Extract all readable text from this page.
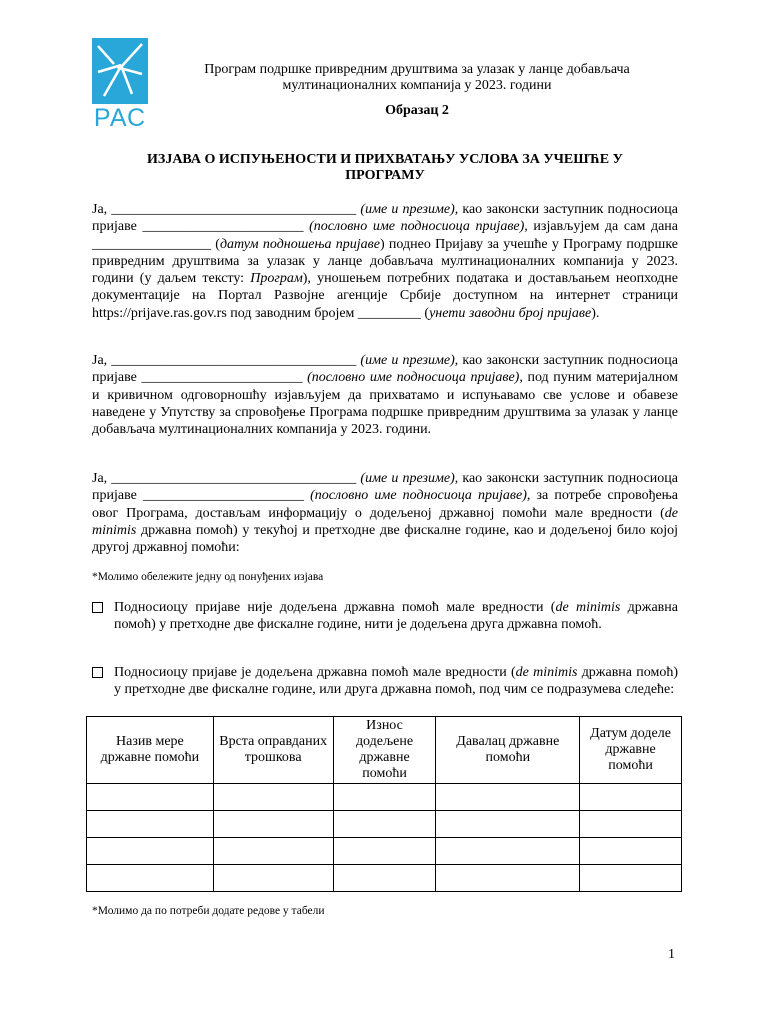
РАС
Програм подршке привредним друштвима за улазак у ланце добављача
мултинационалних компанија у 2023. години
Образац 2
ИЗЈАВА О ИСПУЊЕНОСТИ И ПРИХВАТАЊУ УСЛОВА ЗА УЧЕШЋЕ У
ПРОГРАМУ
Ја, ___________________________________ (име и презиме), као законски заступник подносиоца пријаве _______________________ (пословно име подносиоца пријаве), изјављујем да сам дана _________________ (датум подношења пријаве) поднео Пријаву за учешће у Програму подршке привредним друштвима за улазак у ланце добављача мултинационалних компанија у 2023. години (у даљем тексту: Програм), уношењем потребних података и достављањем неопходне документације на Портал Развојне агенције Србије доступном на интернет страници https://prijave.ras.gov.rs под заводним бројем _________ (унети заводни број пријаве).
Ја, ___________________________________ (име и презиме), као законски заступник подносиоца пријаве _______________________ (пословно име подносиоца пријаве), под пуним материјалном и кривичном одговорношћу изјављујем да прихватамо и испуњавамо све услове и обавезе наведене у Упутству за спровођење Програма подршке привредним друштвима за улазак у ланце добављача мултинационалних компанија у 2023. години.
Ја, ___________________________________ (име и презиме), као законски заступник подносиоца пријаве _______________________ (пословно име подносиоца пријаве), за потребе спровођења овог Програма, достављам информацију о додељеној државној помоћи мале вредности (de minimis државна помоћ) у текућој и претходне две фискалне године, као и додељеној било којој другој државној помоћи:
*Молимо обележите једну од понуђених изјава
Подносиоцу пријаве није додељена државна помоћ мале вредности (de minimis државна помоћ) у претходне две фискалне године, нити је додељена друга државна помоћ.
Подносиоцу пријаве је додељена државна помоћ мале вредности (de minimis државна помоћ) у претходне две фискалне године, или друга државна помоћ, под чим се подразумева следеће:
Назив мере државне помоћи	Врста оправданих трошкова	Износ додељене државне помоћи	Давалац државне помоћи	Датум доделе државне помоћи

*Молимо да по потреби додате редове у табели
1
